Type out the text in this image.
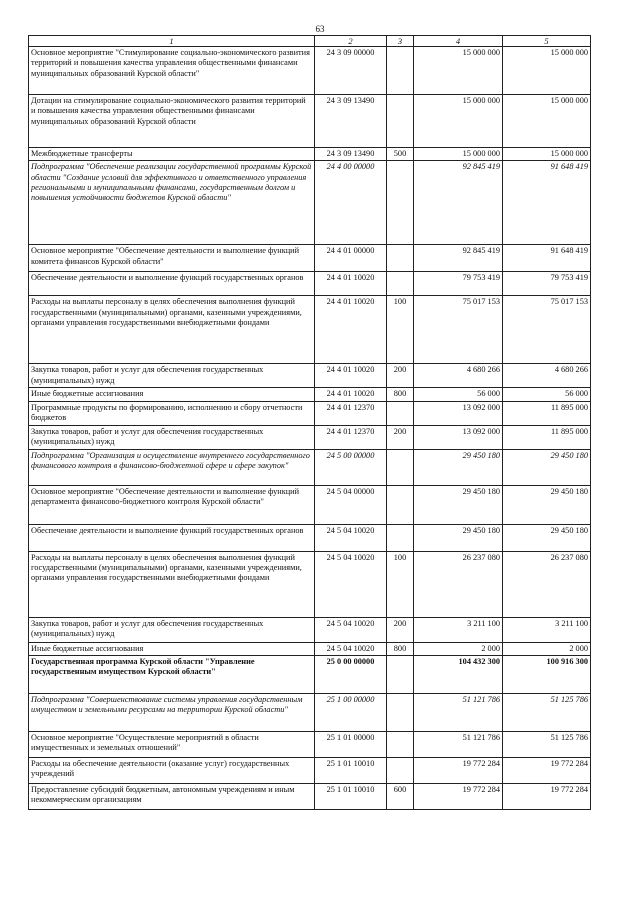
63
1	2	3	4	5
Основное мероприятие "Стимулирование социально-экономического развития территорий и повышения качества управления общественными финансами муниципальных образований Курской области"	24 3 09 00000		15 000 000	15 000 000
Дотации на стимулирование социально-экономического развития территорий и повышения качества управления общественными финансами муниципальных образований Курской области	24 3 09 13490		15 000 000	15 000 000
Межбюджетные трансферты	24 3 09 13490	500	15 000 000	15 000 000
Подпрограмма "Обеспечение реализации государственной программы Курской области "Создание условий для эффективного и ответственного управления региональными и муниципальными финансами, государственным долгом и повышения устойчивости бюджетов Курской области"	24 4 00 00000		92 845 419	91 648 419
Основное мероприятие "Обеспечение деятельности и выполнение функций комитета финансов Курской области"	24 4 01 00000		92 845 419	91 648 419
Обеспечение деятельности и выполнение функций государственных органов	24 4 01 10020		79 753 419	79 753 419
Расходы на выплаты персоналу в целях обеспечения выполнения функций государственными (муниципальными) органами, казенными учреждениями, органами управления государственными внебюджетными фондами	24 4 01 10020	100	75 017 153	75 017 153
Закупка товаров, работ и услуг для обеспечения государственных (муниципальных) нужд	24 4 01 10020	200	4 680 266	4 680 266
Иные бюджетные ассигнования	24 4 01 10020	800	56 000	56 000
Программные продукты по формированию, исполнению и сбору отчетности бюджетов	24 4 01 12370		13 092 000	11 895 000
Закупка товаров, работ и услуг для обеспечения государственных (муниципальных) нужд	24 4 01 12370	200	13 092 000	11 895 000
Подпрограмма "Организация и осуществление внутреннего государственного финансового контроля в финансово-бюджетной сфере и сфере закупок"	24 5 00 00000		29 450 180	29 450 180
Основное мероприятие "Обеспечение деятельности и выполнение функций департамента финансово-бюджетного контроля Курской области"	24 5 04 00000		29 450 180	29 450 180
Обеспечение деятельности и выполнение функций государственных органов	24 5 04 10020		29 450 180	29 450 180
Расходы на выплаты персоналу в целях обеспечения выполнения функций государственными (муниципальными) органами, казенными учреждениями, органами управления государственными внебюджетными фондами	24 5 04 10020	100	26 237 080	26 237 080
Закупка товаров, работ и услуг для обеспечения государственных (муниципальных) нужд	24 5 04 10020	200	3 211 100	3 211 100
Иные бюджетные ассигнования	24 5 04 10020	800	2 000	2 000
Государственная программа Курской области "Управление государственным имуществом Курской области"	25 0 00 00000		104 432 300	100 916 300
Подпрограмма "Совершенствование системы управления государственным имуществом и земельными ресурсами на территории Курской области"	25 1 00 00000		51 121 786	51 125 786
Основное мероприятие "Осуществление мероприятий в области имущественных и земельных отношений"	25 1 01 00000		51 121 786	51 125 786
Расходы на обеспечение деятельности (оказание услуг) государственных учреждений	25 1 01 10010		19 772 284	19 772 284
Предоставление субсидий бюджетным, автономным учреждениям и иным некоммерческим организациям	25 1 01 10010	600	19 772 284	19 772 284
